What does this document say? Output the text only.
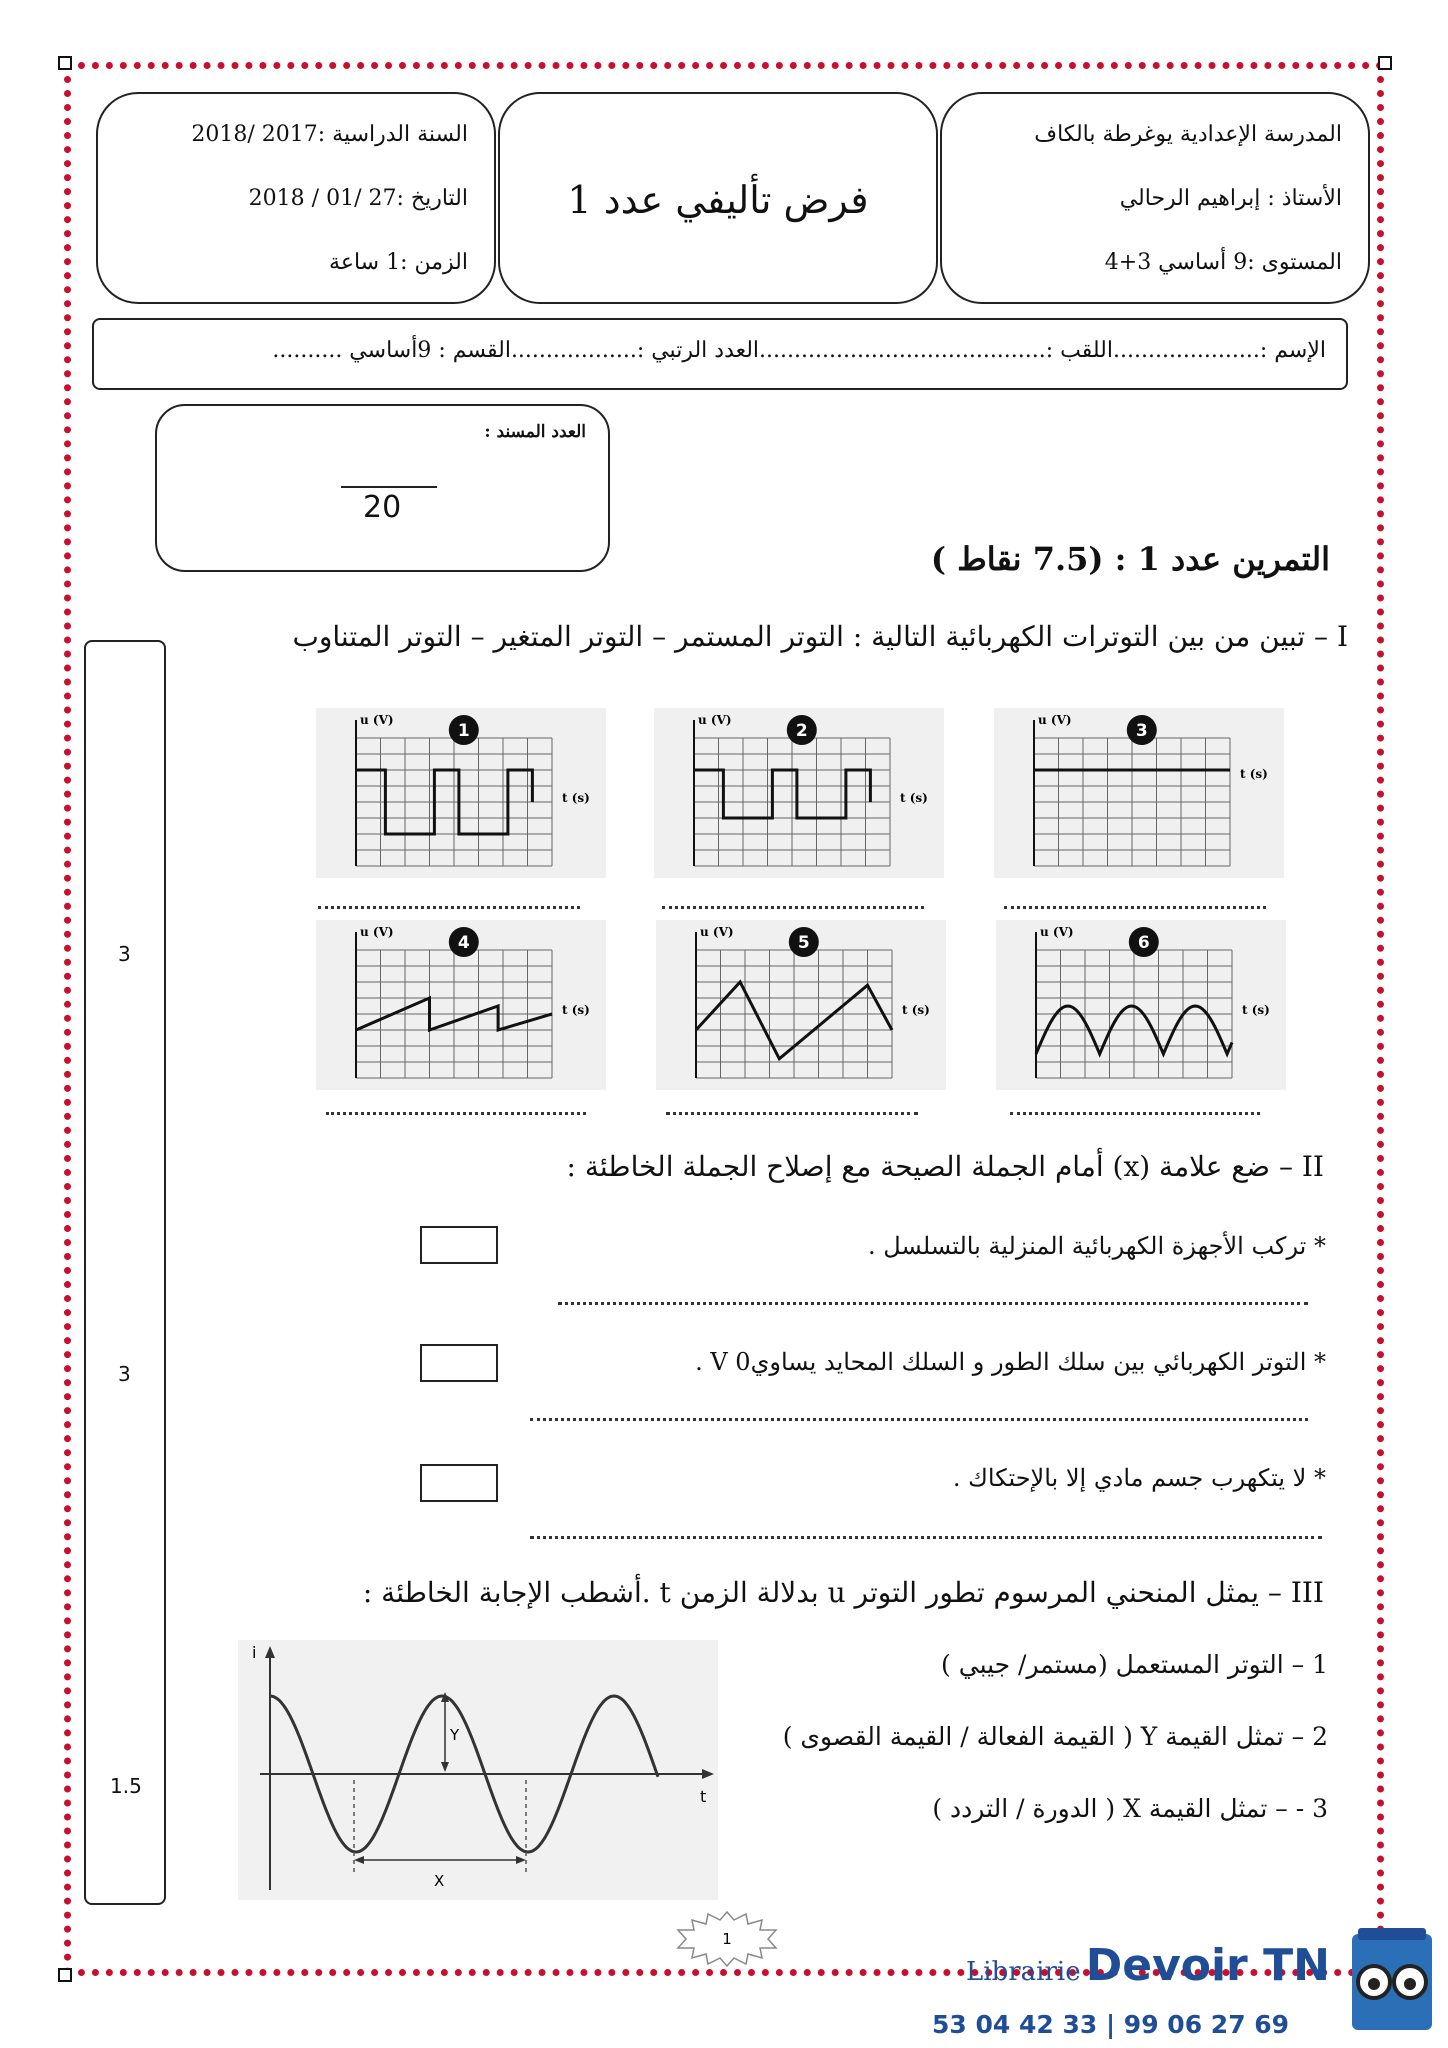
المدرسة الإعدادية يوغرطة بالكاف
الأستاذ : إبراهيم الرحالي
المستوى :9 أساسي 3+4
فرض تأليفي عدد 1
السنة الدراسية :2017 /2018
التاريخ :27 /01 / 2018
الزمن :1 ساعة
الإسم :.....................اللقب :.........................................العدد الرتبي :..................القسم : 9أساسي ..........
العدد المسند :
20
التمرين عدد 1 : (7.5 نقاط )
3
3
1.5
I – تبين من بين التوترات الكهربائية التالية : التوتر المستمر – التوتر المتغير – التوتر المتناوب
u (V)
t (s)
1
u (V)
t (s)
2
u (V)
t (s)
3
u (V)
t (s)
4
u (V)
t (s)
5
u (V)
t (s)
6
II – ضع علامة (x) أمام الجملة الصيحة مع إصلاح الجملة الخاطئة :
* تركب الأجهزة الكهربائية المنزلية بالتسلسل .
* التوتر الكهربائي بين سلك الطور و السلك المحايد يساويV 0 .
* لا يتكهرب جسم مادي إلا بالإحتكاك .
III – يمثل المنحني المرسوم تطور التوتر u بدلالة الزمن t .أشطب الإجابة الخاطئة :
1 – التوتر المستعمل (مستمر/ جيبي )
2 – تمثل القيمة Y ( القيمة الفعالة / القيمة القصوى )
3 - – تمثل القيمة X ( الدورة / التردد )
i
t
Y
X
1
Librairie Devoir TN
53 04 42 33 | 99 06 27 69
